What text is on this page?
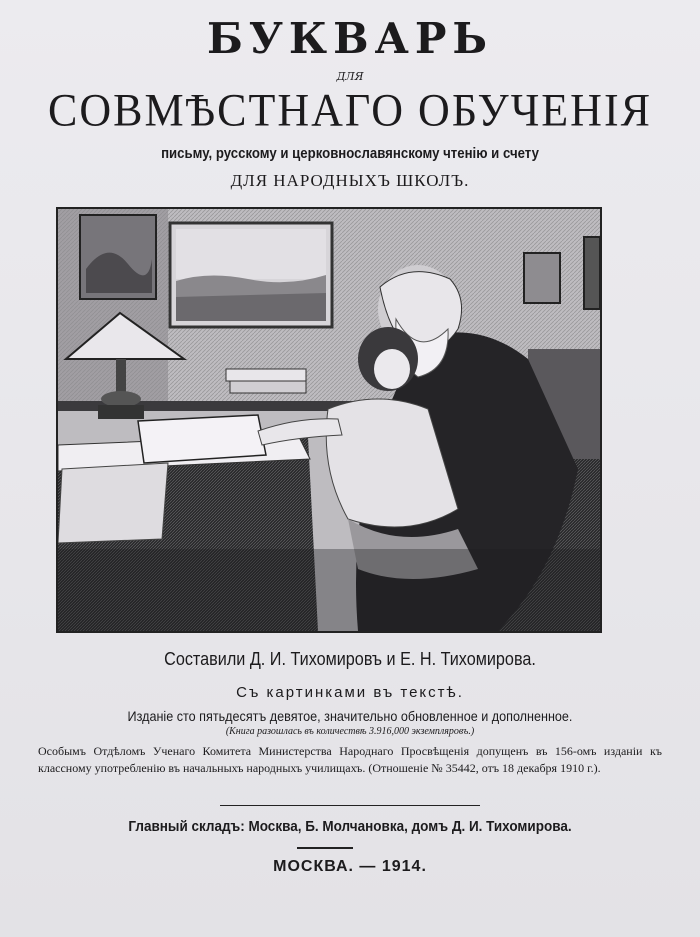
БУКВАРЬ
ДЛЯ
СОВМѢСТНАГО ОБУЧЕНІЯ
письму, русскому и церковнославянскому чтенію и счету
ДЛЯ НАРОДНЫХЪ ШКОЛЪ.
Составили Д. И. Тихомировъ и Е. Н. Тихомирова.
Съ картинками въ текстѣ.
Изданіе сто пятьдесятъ девятое, значительно обновленное и дополненное.
(Книга разошлась въ количествѣ 3.916,000 экземпляровъ.)
Особымъ Отдѣломъ Ученаго Комитета Министерства Народнаго Просвѣщенія допущенъ въ 156-омъ изданіи къ классному употребленію въ начальныхъ народныхъ училищахъ. (Отношеніе № 35442, отъ 18 декабря 1910 г.).
Главный складъ: Москва, Б. Молчановка, домъ Д. И. Тихомирова.
МОСКВА. — 1914.
